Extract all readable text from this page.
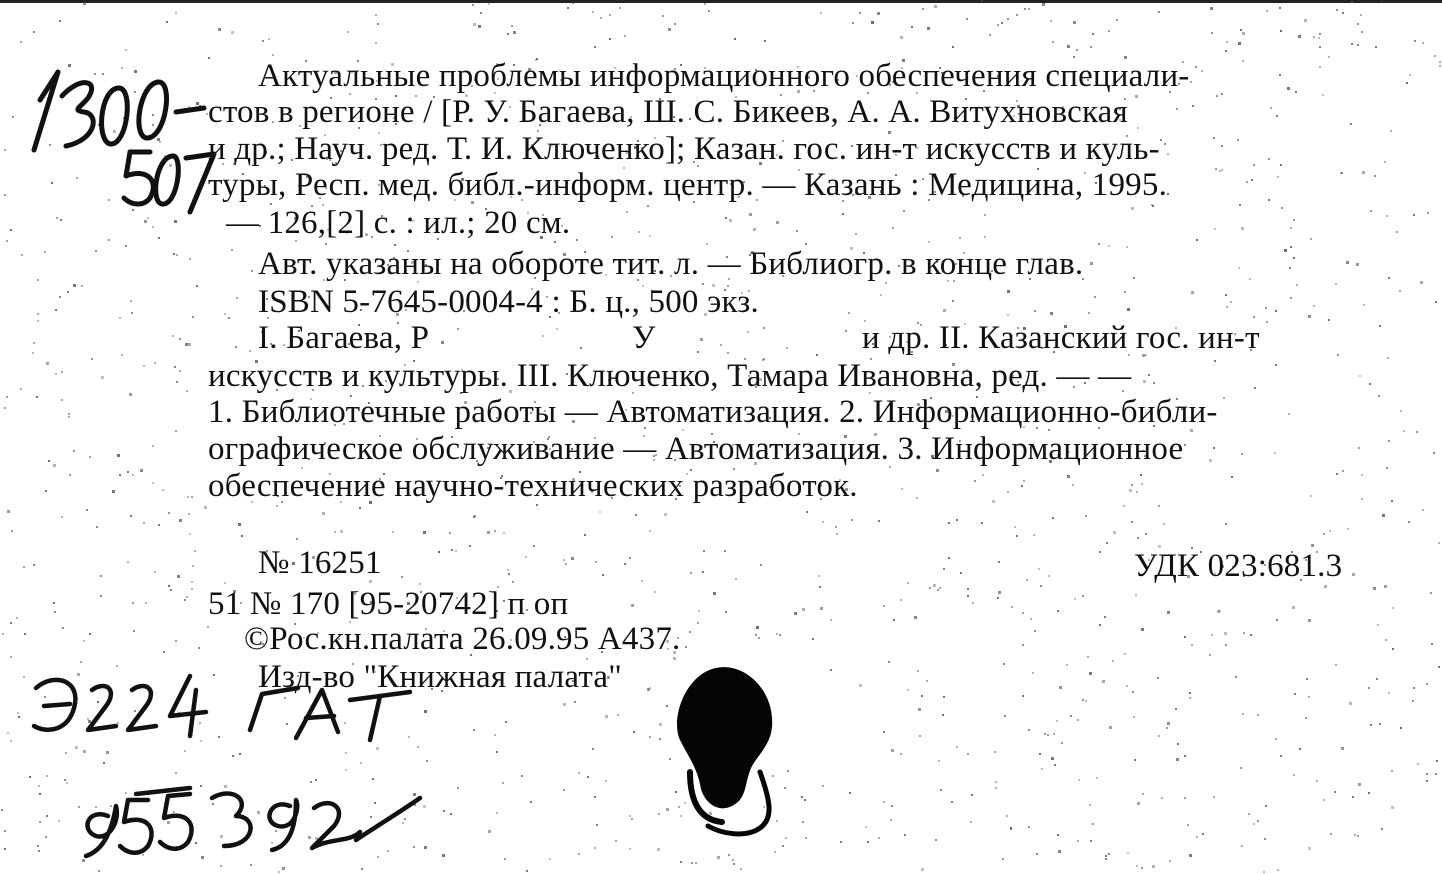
Актуальные проблемы информационного обеспечения специали-
стов в регионе / [Р. У. Багаева, Ш. С. Бикеев, А. А. Витухновская
и др.; Науч. ред. Т. И. Ключенко]; Казан. гос. ин-т искусств и куль-
туры, Респ. мед. библ.-информ. центр. — Казань : Медицина, 1995.
— 126,[2] с. : ил.; 20 см.
Авт. указаны на обороте тит. л. — Библиогр. в конце глав.
ISBN 5-7645-0004-4 : Б. ц., 500 экз.
I. Багаева, Р	У	и др. II. Казанский гос. ин-т
искусств и культуры. III. Ключенко, Тамара Ивановна, ред. — —
1. Библиотечные работы — Автоматизация. 2. Информационно-библи-
ографическое обслуживание — Автоматизация. 3. Информационное
обеспечение научно-технических разработок.
№ 16251	УДК 023:681.3
51 № 170 [95-20742] п оп
©Рос.кн.палата 26.09.95 А437.
Изд-во "Книжная палата"
